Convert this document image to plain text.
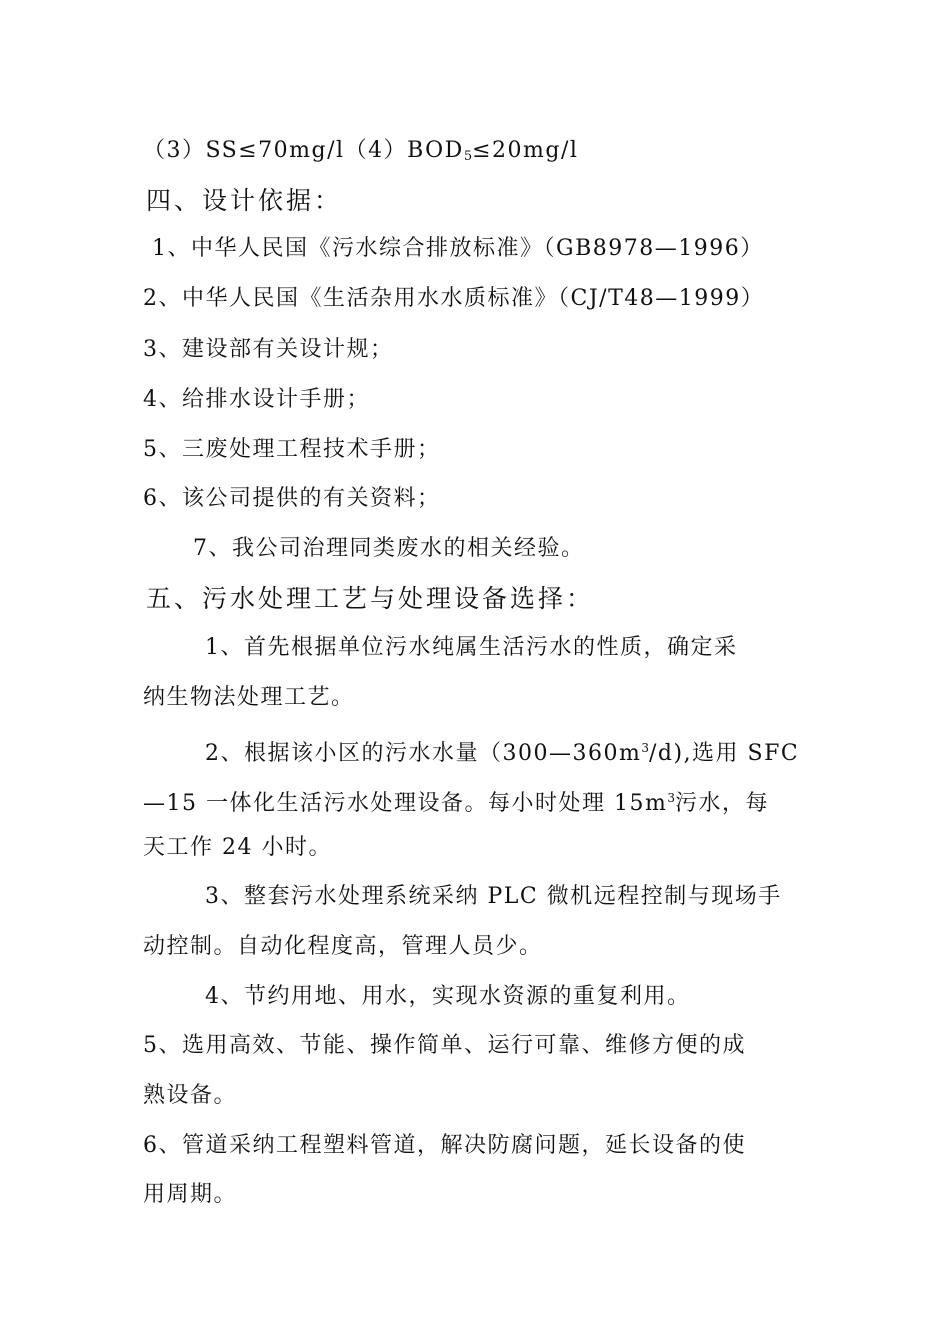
$(3)SS\le 70mg/l(4)BOD_5\le 20mg/l$
四、设计依据：
1、中华人民国《污水综合排放标准》（GB8978—1996）
2、中华人民国《生活杂用水水质标准》（CJ/T48—1999）
3、建设部有关设计规；
4、给排水设计手册；
5、三废处理工程技术手册；
6、该公司提供的有关资料；
7、我公司治理同类废水的相关经验。
五、污水处理工艺与处理设备选择：
1、首先根据单位污水纯属生活污水的性质，确定采
纳生物法处理工艺。
2、根据该小区的污水水量$(300—360m^3/d)$,选用 SFC
—15 一体化生活污水处理设备。每小时处理 $15m^3$污水，每
天工作 24 小时。
3、整套污水处理系统采纳 PLC 微机远程控制与现场手
动控制。自动化程度高，管理人员少。
4、节约用地、用水，实现水资源的重复利用。
5、选用高效、节能、操作简单、运行可靠、维修方便的成
熟设备。
6、管道采纳工程塑料管道，解决防腐问题，延长设备的使
用周期。
